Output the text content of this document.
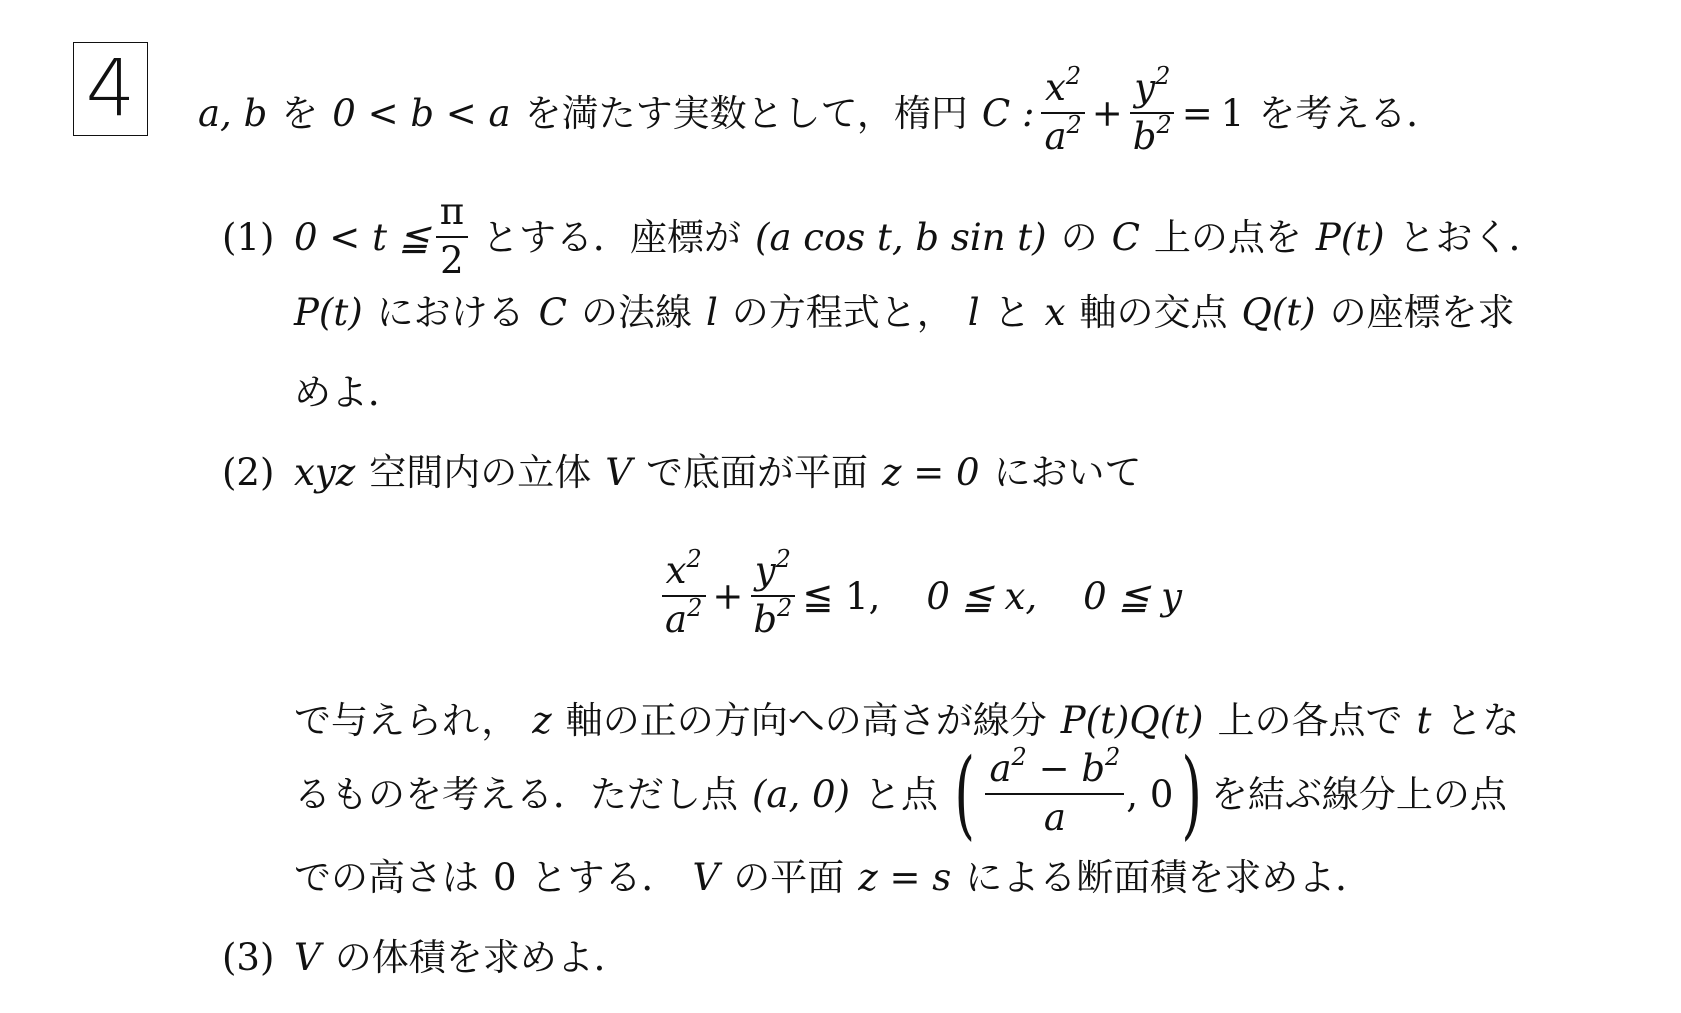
4 a, b を 0 < b < a を満たす実数として，楕円 C : $\frac{x^2}{a^2} + \frac{y^2}{b^2} = 1$ を考える．
(1) 0 < t ≦ $\frac{\pi}{2}$ とする．座標が (a cos t, b sin t) の C 上の点を P(t) とおく．
P(t) における C の法線 l の方程式と， l と x 軸の交点 Q(t) の座標を求
めよ．
(2) xyz 空間内の立体 V で底面が平面 z = 0 において
$\frac{x^2}{a^2} + \frac{y^2}{b^2}$ ≦ 1, 0 ≦ x, 0 ≦ y
で与えられ， z 軸の正の方向への高さが線分 P(t)Q(t) 上の各点で t とな
るものを考える．ただし点 (a, 0) と点 ( $\frac{a^2 - b^2}{a}$ , 0 ) を結ぶ線分上の点
での高さは 0 とする． V の平面 z = s による断面積を求めよ．
(3) V の体積を求めよ．
